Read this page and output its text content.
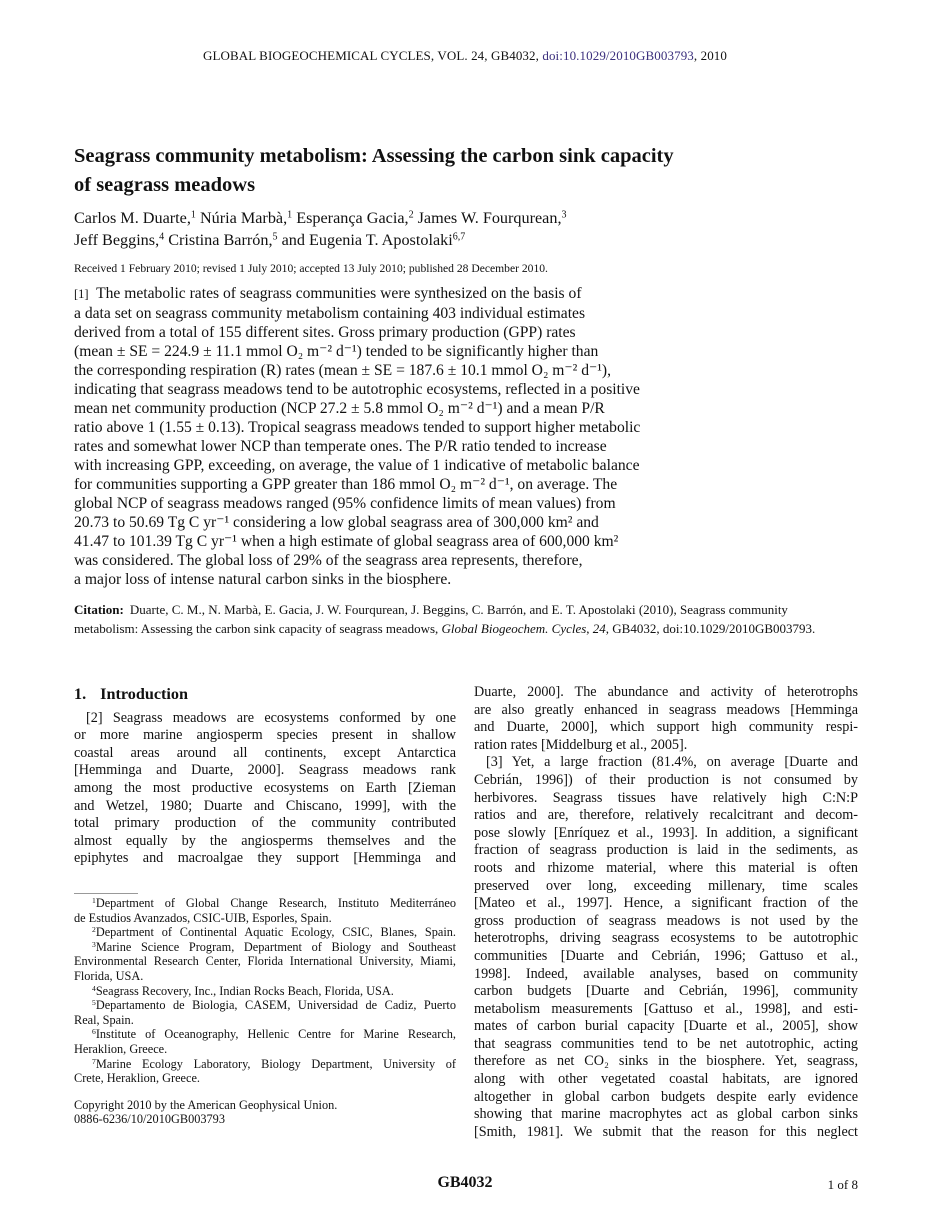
GLOBAL BIOGEOCHEMICAL CYCLES, VOL. 24, GB4032, doi:10.1029/2010GB003793, 2010
Seagrass community metabolism: Assessing the carbon sink capacity
of seagrass meadows
Carlos M. Duarte,$^1$ Núria Marbà,$^1$ Esperança Gacia,$^2$ James W. Fourqurean,$^3$
Jeff Beggins,$^4$ Cristina Barrón,$^5$ and Eugenia T. Apostolaki$^{6,7}$
Received 1 February 2010; revised 1 July 2010; accepted 13 July 2010; published 28 December 2010.
[1] The metabolic rates of seagrass communities were synthesized on the basis of
a data set on seagrass community metabolism containing 403 individual estimates
derived from a total of 155 different sites. Gross primary production (GPP) rates
(mean ± SE = 224.9 ± 11.1 mmol O₂ m⁻² d⁻¹) tended to be significantly higher than
the corresponding respiration (R) rates (mean ± SE = 187.6 ± 10.1 mmol O₂ m⁻² d⁻¹),
indicating that seagrass meadows tend to be autotrophic ecosystems, reflected in a positive
mean net community production (NCP 27.2 ± 5.8 mmol O₂ m⁻² d⁻¹) and a mean P/R
ratio above 1 (1.55 ± 0.13). Tropical seagrass meadows tended to support higher metabolic
rates and somewhat lower NCP than temperate ones. The P/R ratio tended to increase
with increasing GPP, exceeding, on average, the value of 1 indicative of metabolic balance
for communities supporting a GPP greater than 186 mmol O₂ m⁻² d⁻¹, on average. The
global NCP of seagrass meadows ranged (95% confidence limits of mean values) from
20.73 to 50.69 Tg C yr⁻¹ considering a low global seagrass area of 300,000 km² and
41.47 to 101.39 Tg C yr⁻¹ when a high estimate of global seagrass area of 600,000 km²
was considered. The global loss of 29% of the seagrass area represents, therefore,
a major loss of intense natural carbon sinks in the biosphere.
Citation: Duarte, C. M., N. Marbà, E. Gacia, J. W. Fourqurean, J. Beggins, C. Barrón, and E. T. Apostolaki (2010), Seagrass community metabolism: Assessing the carbon sink capacity of seagrass meadows, Global Biogeochem. Cycles, 24, GB4032, doi:10.1029/2010GB003793.
1. Introduction
[2] Seagrass meadows are ecosystems conformed by one
or more marine angiosperm species present in shallow
coastal areas around all continents, except Antarctica
[Hemminga and Duarte, 2000]. Seagrass meadows rank
among the most productive ecosystems on Earth [Zieman
and Wetzel, 1980; Duarte and Chiscano, 1999], with the
total primary production of the community contributed
almost equally by the angiosperms themselves and the
epiphytes and macroalgae they support [Hemminga and
$^1$Department of Global Change Research, Instituto Mediterráneo
de Estudios Avanzados, CSIC-UIB, Esporles, Spain.
$^2$Department of Continental Aquatic Ecology, CSIC, Blanes, Spain.
$^3$Marine Science Program, Department of Biology and Southeast
Environmental Research Center, Florida International University, Miami, Florida, USA.
$^4$Seagrass Recovery, Inc., Indian Rocks Beach, Florida, USA.
$^5$Departamento de Biologia, CASEM, Universidad de Cadiz, Puerto
Real, Spain.
$^6$Institute of Oceanography, Hellenic Centre for Marine Research,
Heraklion, Greece.
$^7$Marine Ecology Laboratory, Biology Department, University of
Crete, Heraklion, Greece.
Copyright 2010 by the American Geophysical Union.
0886-6236/10/2010GB003793
Duarte, 2000]. The abundance and activity of heterotrophs
are also greatly enhanced in seagrass meadows [Hemminga
and Duarte, 2000], which support high community respi-
ration rates [Middelburg et al., 2005].
[3] Yet, a large fraction (81.4%, on average [Duarte and
Cebrián, 1996]) of their production is not consumed by
herbivores. Seagrass tissues have relatively high C:N:P
ratios and are, therefore, relatively recalcitrant and decom-
pose slowly [Enríquez et al., 1993]. In addition, a significant
fraction of seagrass production is laid in the sediments, as
roots and rhizome material, where this material is often
preserved over long, exceeding millenary, time scales
[Mateo et al., 1997]. Hence, a significant fraction of the
gross production of seagrass meadows is not used by the
heterotrophs, driving seagrass ecosystems to be autotrophic
communities [Duarte and Cebrián, 1996; Gattuso et al.,
1998]. Indeed, available analyses, based on community
carbon budgets [Duarte and Cebrián, 1996], community
metabolism measurements [Gattuso et al., 1998], and esti-
mates of carbon burial capacity [Duarte et al., 2005], show
that seagrass communities tend to be net autotrophic, acting
therefore as net CO₂ sinks in the biosphere. Yet, seagrass,
along with other vegetated coastal habitats, are ignored
altogether in global carbon budgets despite early evidence
showing that marine macrophytes act as global carbon sinks
[Smith, 1981]. We submit that the reason for this neglect
GB4032	1 of 8
